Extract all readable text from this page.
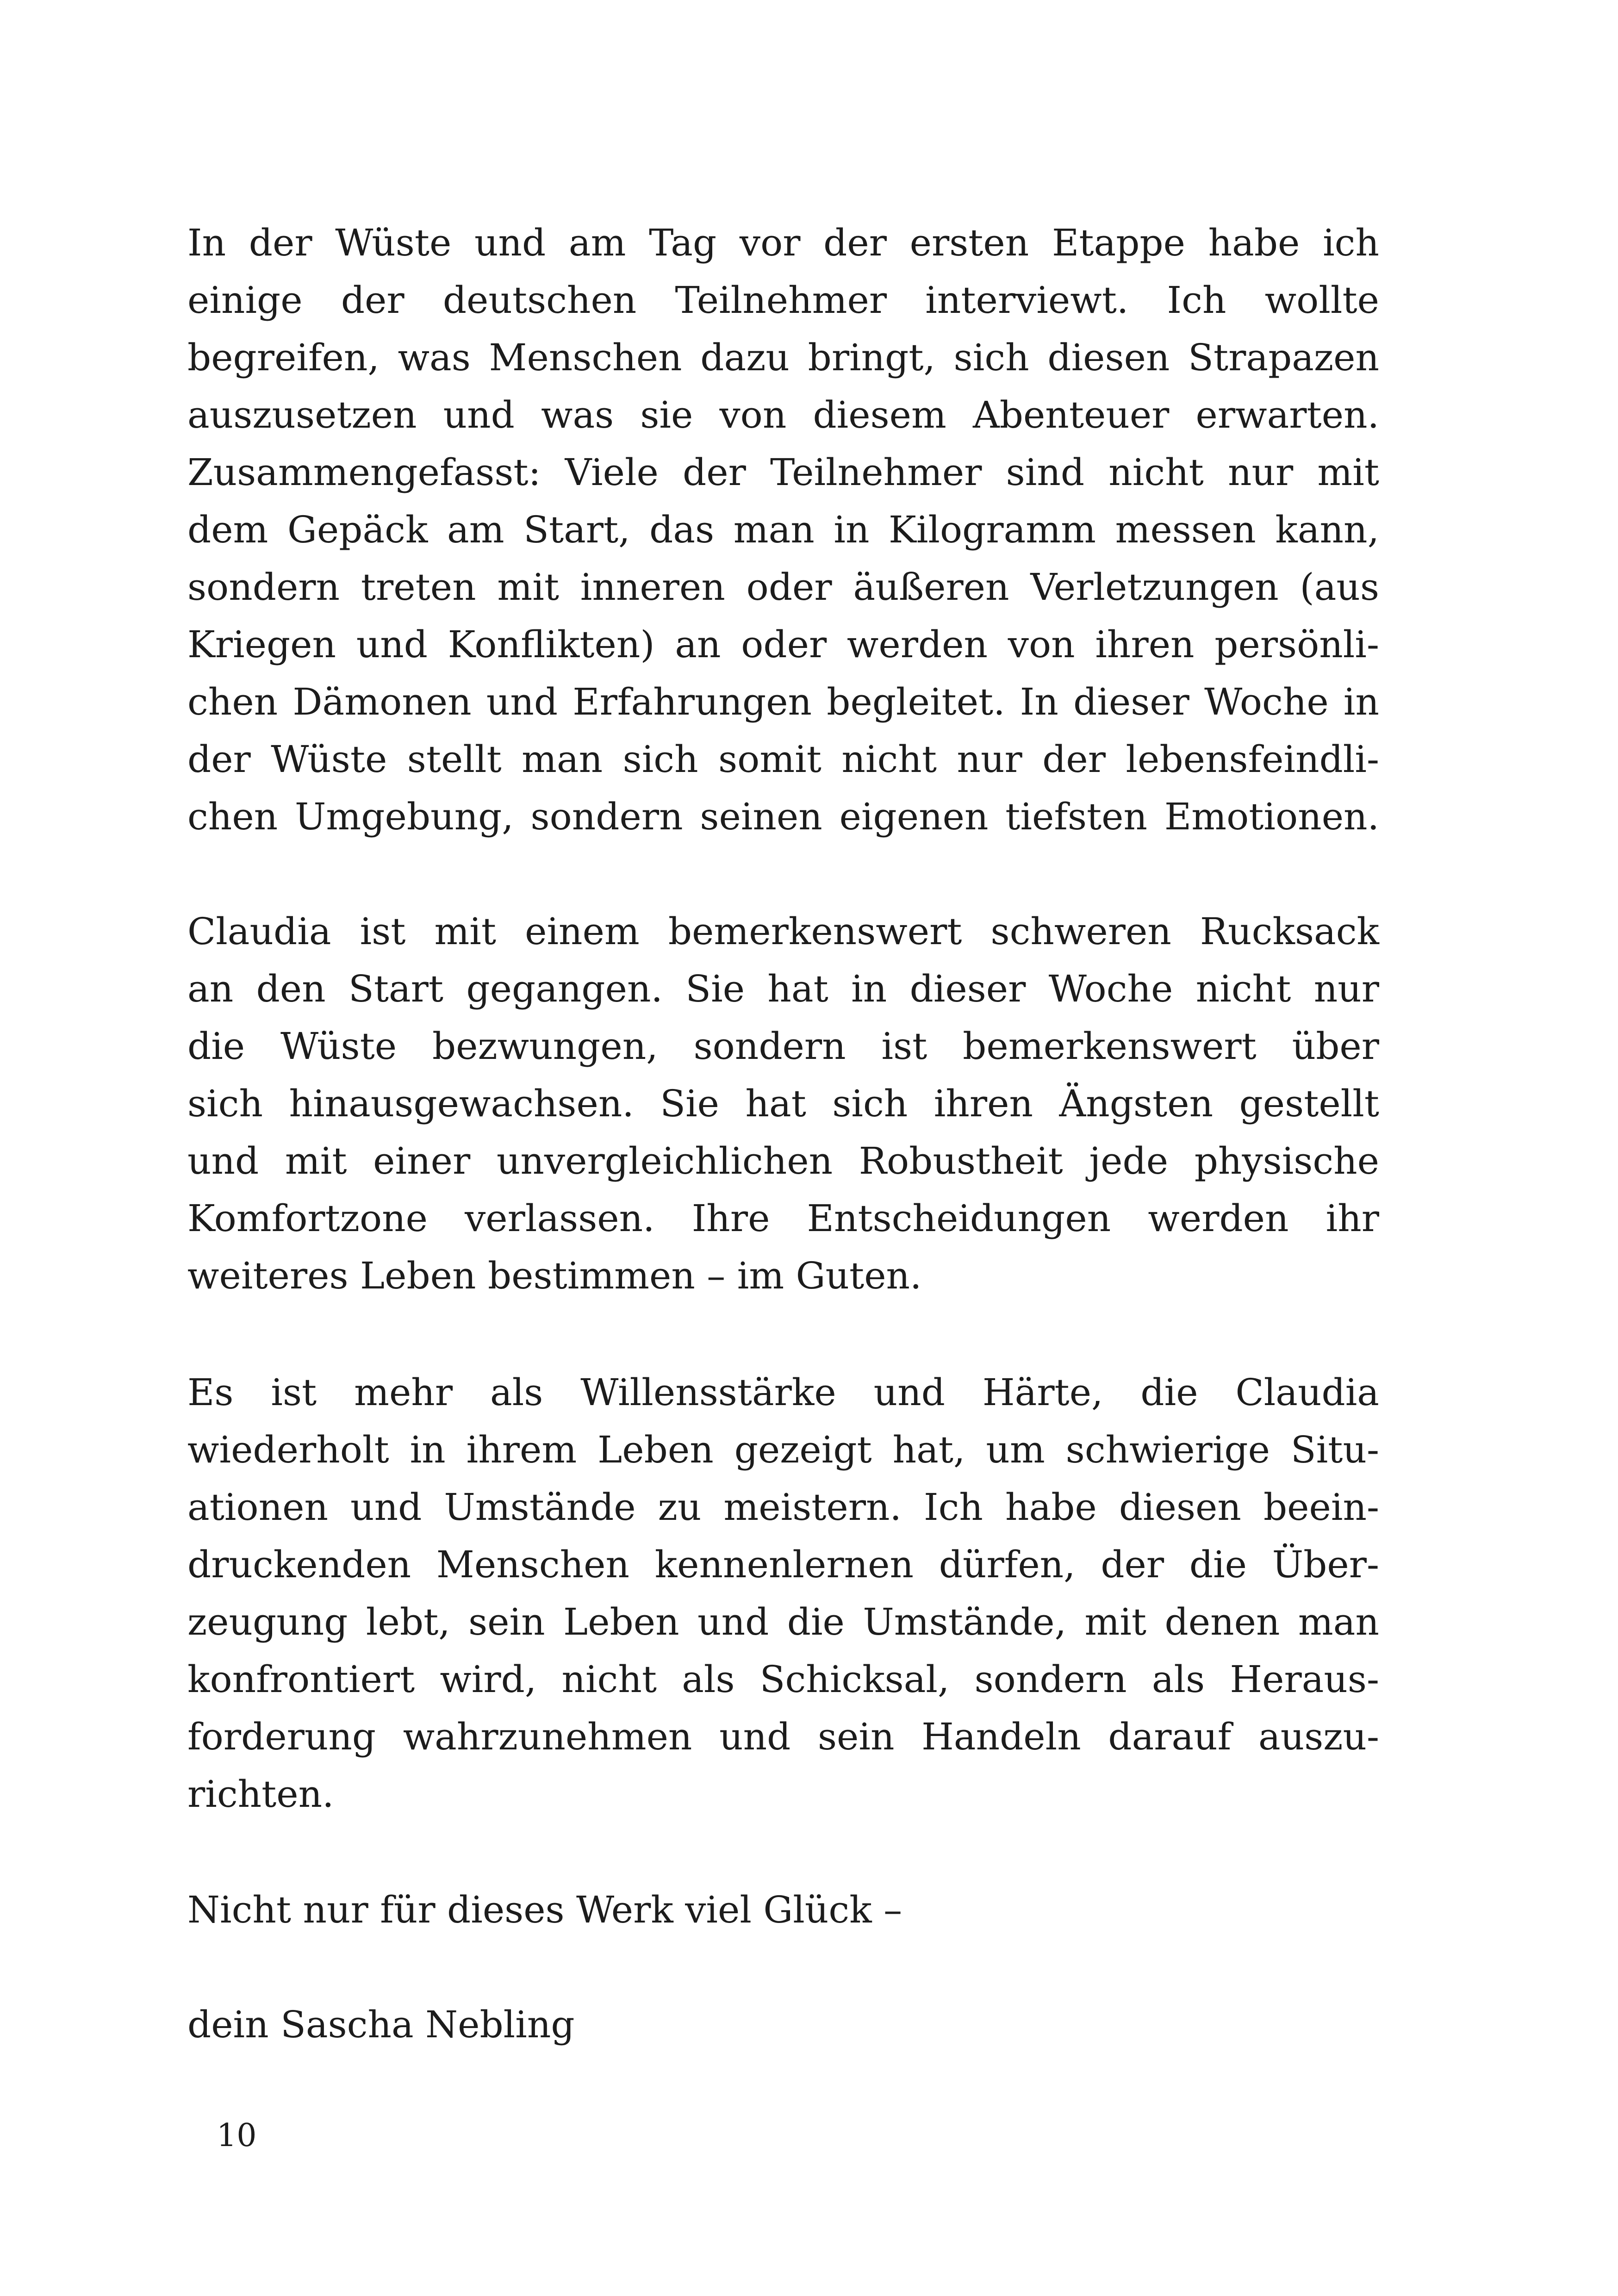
In der Wüste und am Tag vor der ersten Etappe habe ich
einige der deutschen Teilnehmer interviewt. Ich wollte
begreifen, was Menschen dazu bringt, sich diesen Strapazen
auszusetzen und was sie von diesem Abenteuer erwarten.
Zusammengefasst: Viele der Teilnehmer sind nicht nur mit
dem Gepäck am Start, das man in Kilogramm messen kann,
sondern treten mit inneren oder äußeren Verletzungen (aus
Kriegen und Konflikten) an oder werden von ihren persönli-
chen Dämonen und Erfahrungen begleitet. In dieser Woche in
der Wüste stellt man sich somit nicht nur der lebensfeindli-
chen Umgebung, sondern seinen eigenen tiefsten Emotionen.
Claudia ist mit einem bemerkenswert schweren Rucksack
an den Start gegangen. Sie hat in dieser Woche nicht nur
die Wüste bezwungen, sondern ist bemerkenswert über
sich hinausgewachsen. Sie hat sich ihren Ängsten gestellt
und mit einer unvergleichlichen Robustheit jede physische
Komfortzone verlassen. Ihre Entscheidungen werden ihr
weiteres Leben bestimmen – im Guten.
Es ist mehr als Willensstärke und Härte, die Claudia
wiederholt in ihrem Leben gezeigt hat, um schwierige Situ-
ationen und Umstände zu meistern. Ich habe diesen beein-
druckenden Menschen kennenlernen dürfen, der die Über-
zeugung lebt, sein Leben und die Umstände, mit denen man
konfrontiert wird, nicht als Schicksal, sondern als Heraus-
forderung wahrzunehmen und sein Handeln darauf auszu-
richten.
Nicht nur für dieses Werk viel Glück –
dein Sascha Nebling
10
